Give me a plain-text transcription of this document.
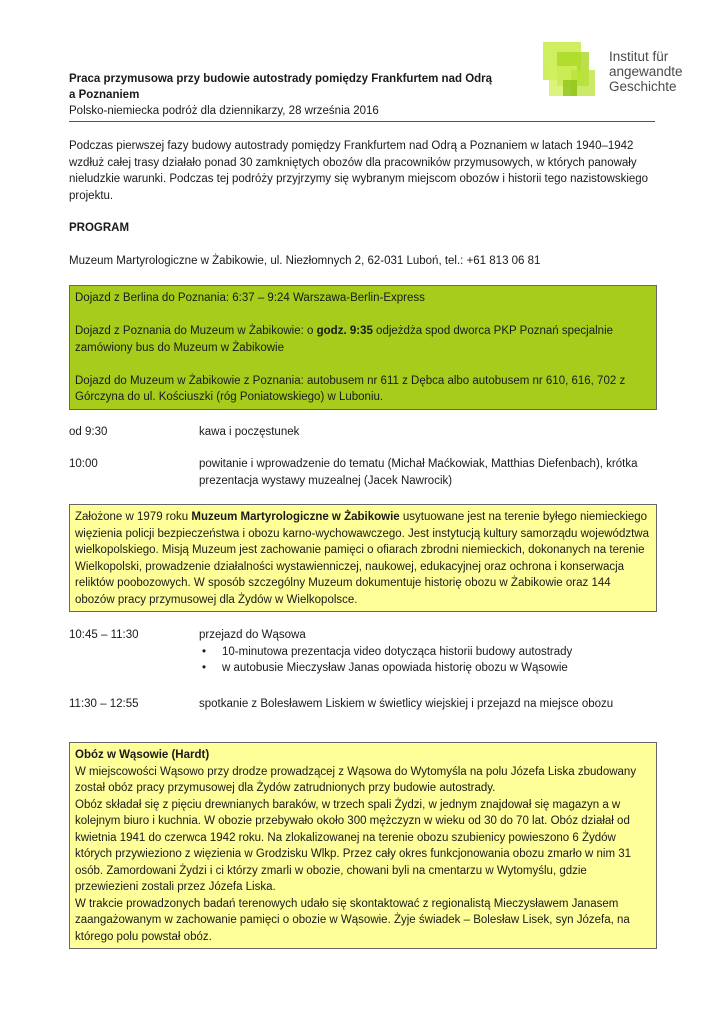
Institut für
angewandte
Geschichte
Praca przymusowa przy budowie autostrady pomiędzy Frankfurtem nad Odrą
a Poznaniem
Polsko-niemiecka podróż dla dziennikarzy, 28 września 2016
Podczas pierwszej fazy budowy autostrady pomiędzy Frankfurtem nad Odrą a Poznaniem w latach 1940–1942 wzdłuż całej trasy działało ponad 30 zamkniętych obozów dla pracowników przymusowych, w których panowały nieludzkie warunki. Podczas tej podróży przyjrzymy się wybranym miejscom obozów i historii tego nazistowskiego projektu.
PROGRAM
Muzeum Martyrologiczne w Żabikowie, ul. Niezłomnych 2, 62-031 Luboń, tel.: +61 813 06 81

Dojazd z Berlina do Poznania: 6:37 – 9:24 Warszawa-Berlin-Express

Dojazd z Poznania do Muzeum w Żabikowie: o godz. 9:35 odjeżdża spod dworca PKP Poznań specjalnie zamówiony bus do Muzeum w Żabikowie

Dojazd do Muzeum w Żabikowie z Poznania: autobusem nr 611 z Dębca albo autobusem nr 610, 616, 702 z Górczyna do ul. Kościuszki (róg Poniatowskiego) w Luboniu.

od 9:30	kawa i poczęstunek
10:00	powitanie i wprowadzenie do tematu (Michał Maćkowiak, Matthias Diefenbach), krótka prezentacja wystawy muzealnej (Jacek Nawrocik)

Założone w 1979 roku Muzeum Martyrologiczne w Żabikowie usytuowane jest na terenie byłego niemieckiego więzienia policji bezpieczeństwa i obozu karno-wychowawczego. Jest instytucją kultury samorządu województwa wielkopolskiego. Misją Muzeum jest zachowanie pamięci o ofiarach zbrodni niemieckich, dokonanych na terenie Wielkopolski, prowadzenie działalności wystawienniczej, naukowej, edukacyjnej oraz ochrona i konserwacja reliktów poobozowych. W sposób szczególny Muzeum dokumentuje historię obozu w Żabikowie oraz 144 obozów pracy przymusowej dla Żydów w Wielkopolsce.

10:45 – 11:30	przejazd do Wąsowa
• 10-minutowa prezentacja video dotycząca historii budowy autostrady
• w autobusie Mieczysław Janas opowiada historię obozu w Wąsowie
11:30 – 12:55	spotkanie z Bolesławem Liskiem w świetlicy wiejskiej i przejazd na miejsce obozu
Obóz w Wąsowie (Hardt)
W miejscowości Wąsowo przy drodze prowadzącej z Wąsowa do Wytomyśla na polu Józefa Liska zbudowany został obóz pracy przymusowej dla Żydów zatrudnionych przy budowie autostrady.
Obóz składał się z pięciu drewnianych baraków, w trzech spali Żydzi, w jednym znajdował się magazyn a w kolejnym biuro i kuchnia. W obozie przebywało około 300 mężczyzn w wieku od 30 do 70 lat. Obóz działał od kwietnia 1941 do czerwca 1942 roku. Na zlokalizowanej na terenie obozu szubienicy powieszono 6 Żydów których przywieziono z więzienia w Grodzisku Wlkp. Przez cały okres funkcjonowania obozu zmarło w nim 31 osób. Zamordowani Żydzi i ci którzy zmarli w obozie, chowani byli na cmentarzu w Wytomyślu, gdzie przewiezieni zostali przez Józefa Liska.
W trakcie prowadzonych badań terenowych udało się skontaktować z regionalistą Mieczysławem Janasem zaangażowanym w zachowanie pamięci o obozie w Wąsowie. Żyje świadek – Bolesław Lisek, syn Józefa, na którego polu powstał obóz.
